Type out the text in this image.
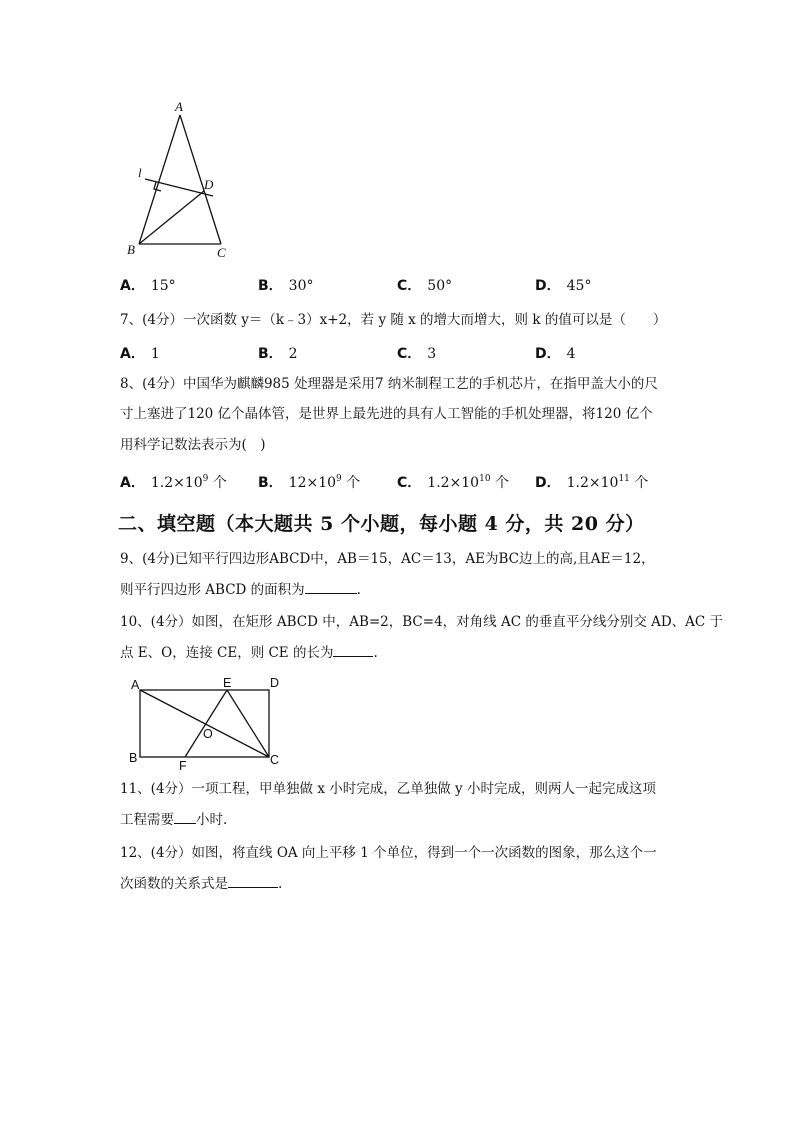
A
B	C
D
l
A． 15°	B． 30°	C． 50°	D． 45°
7、(4分）一次函数 y＝（k﹣3）x+2，若 y 随 x 的增大而增大，则 k 的值可以是（　　）
A． 1	B． 2	C． 3	D． 4
8、(4分）中国华为麒麟985 处理器是采用7 纳米制程工艺的手机芯片，在指甲盖大小的尺
寸上塞进了120 亿个晶体管，是世界上最先进的具有人工智能的手机处理器，将120 亿个
用科学记数法表示为(　)
A． $1.2\times 10^9$ 个 B． $12\times 10^9$ 个	C． $1.2\times 10^{10}$ 个 D． $1.2\times 10^{11}$ 个
二、填空题（本大题共 5 个小题，每小题 4 分，共 20 分）
9、(4分)已知平行四边形ABCD中，AB＝15，AC＝13，AE为BC边上的高,且AE＝12，
则平行四边形 ABCD 的面积为	.
10、(4分）如图，在矩形 ABCD 中，AB=2，BC=4，对角线 AC 的垂直平分线分别交 AD、AC 于
点 E、O，连接 CE，则 CE 的长为	.
A
B	C
D
E
F
O
11、(4分）一项工程，甲单独做 x 小时完成，乙单独做 y 小时完成，则两人一起完成这项
工程需要 小时.
12、(4分）如图，将直线 OA 向上平移 1 个单位，得到一个一次函数的图象，那么这个一
次函数的关系式是	.
